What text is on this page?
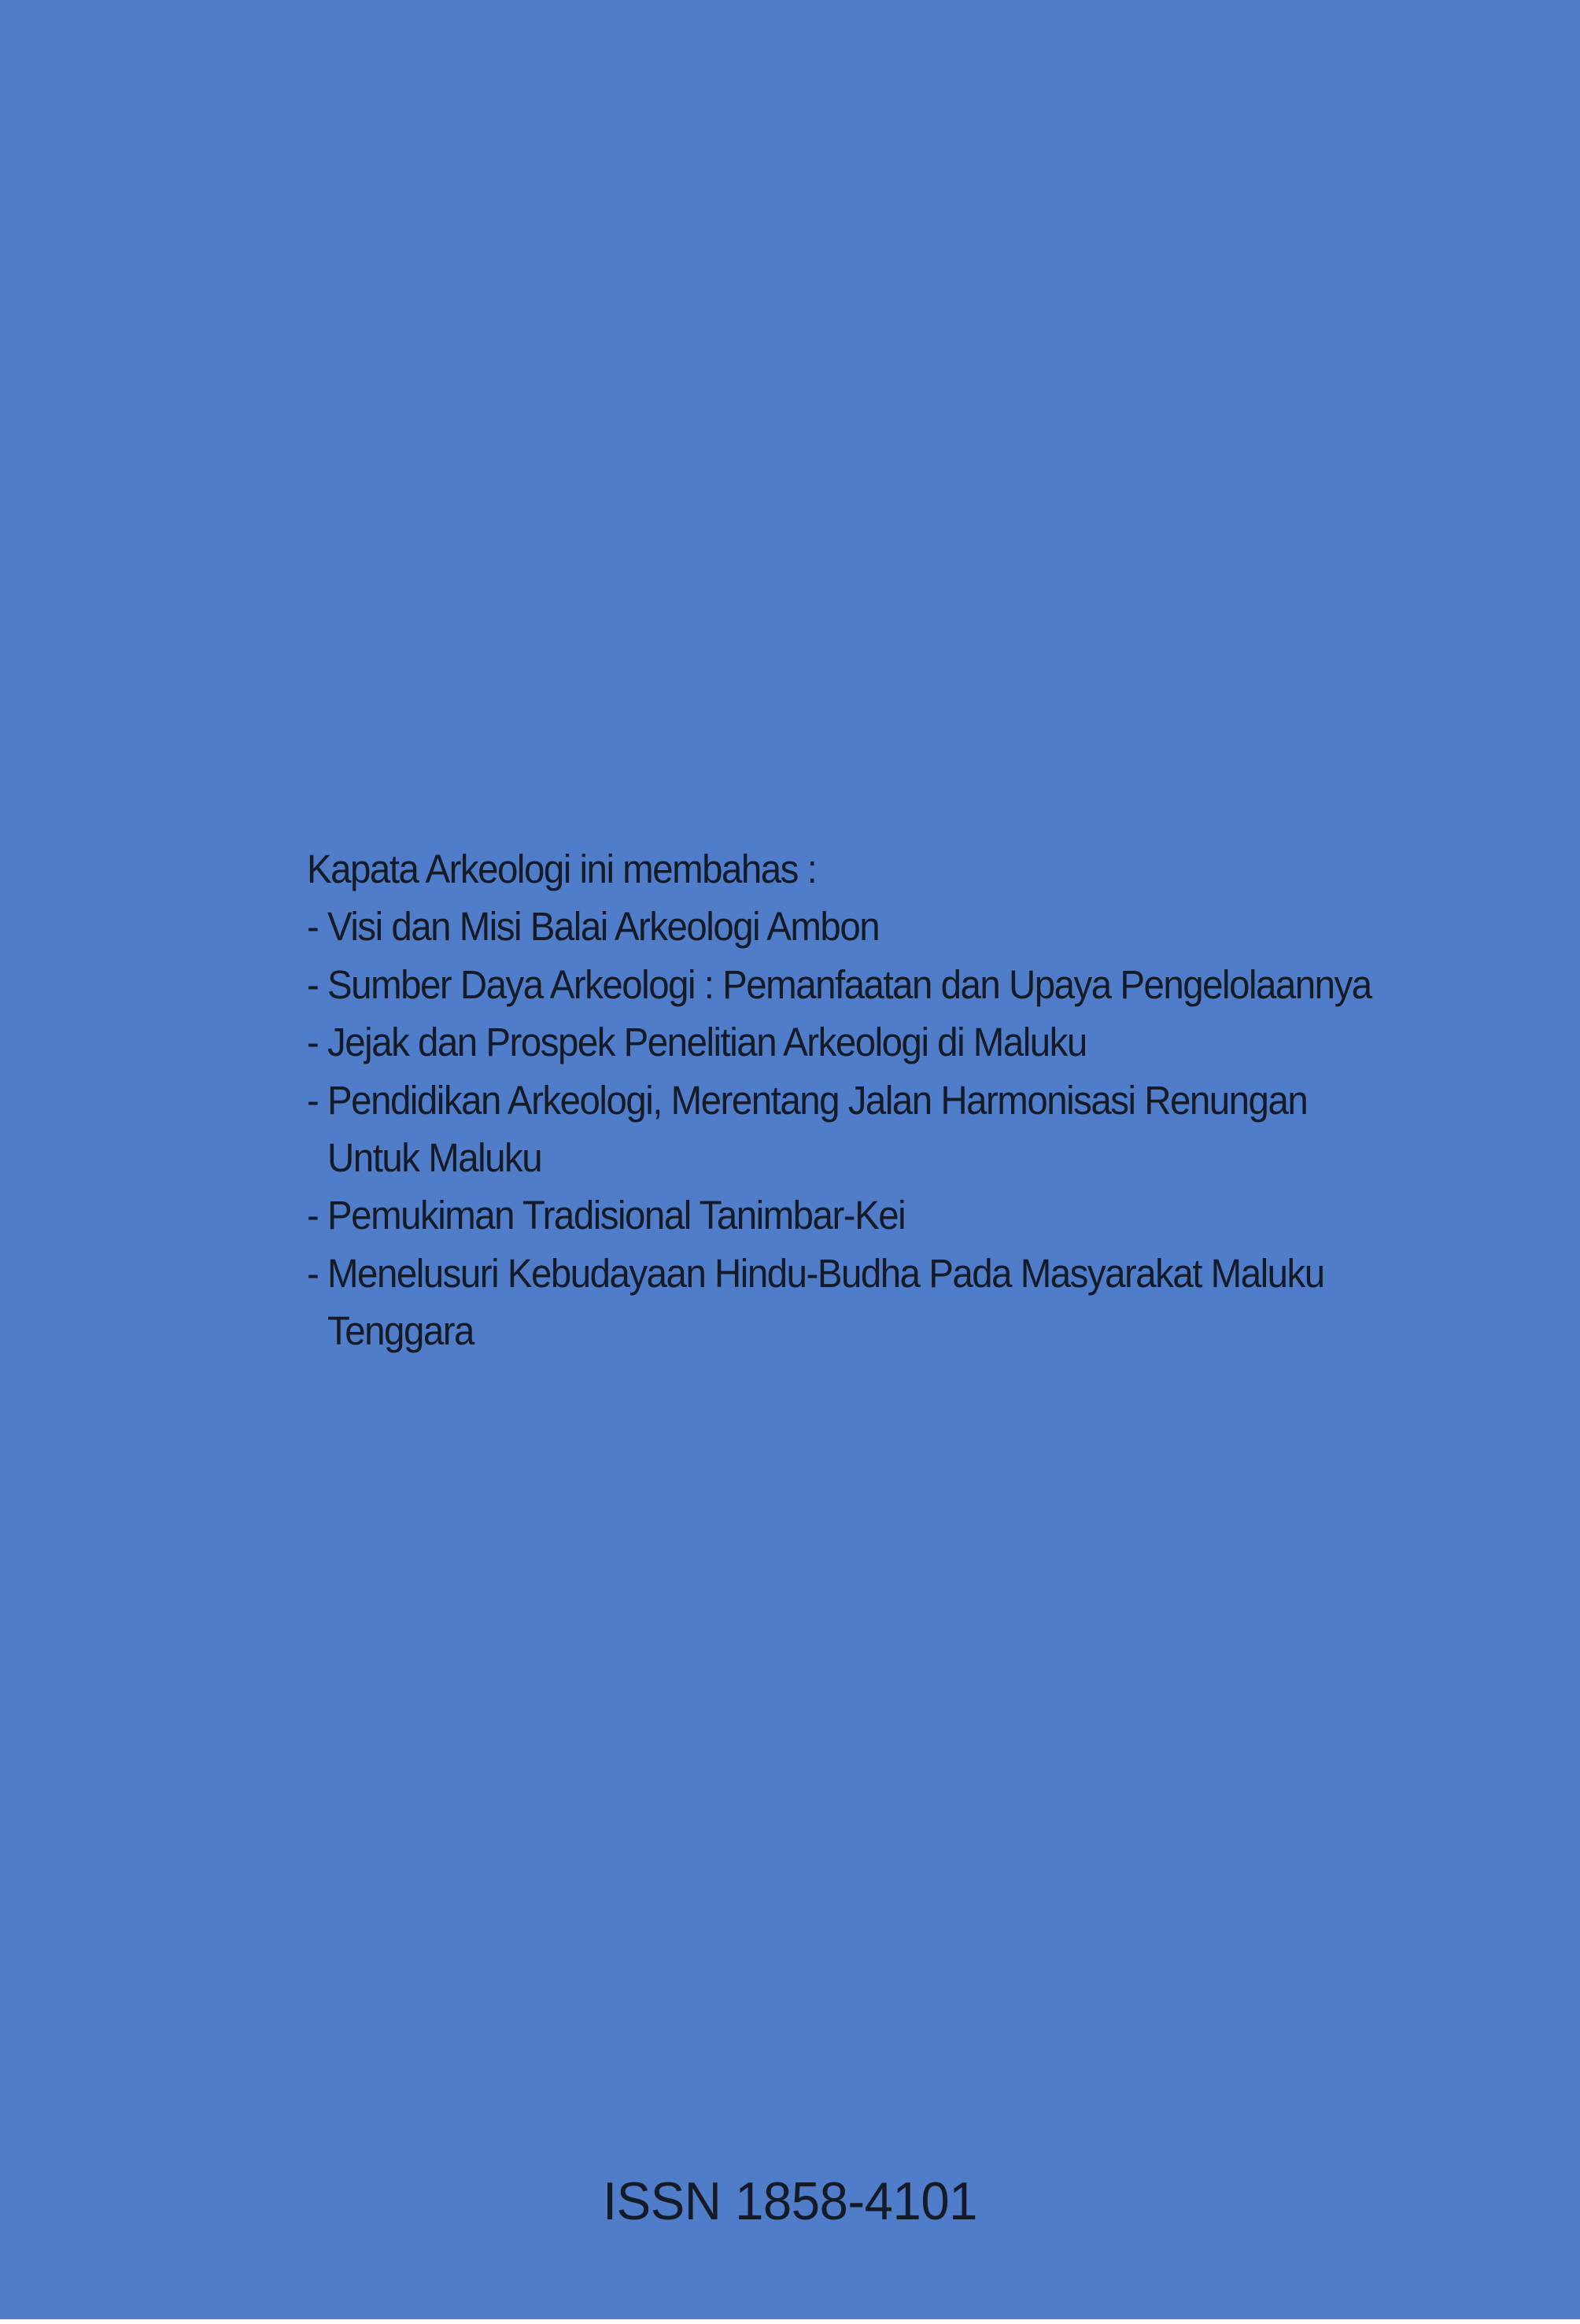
Kapata Arkeologi ini membahas :
- Visi dan Misi Balai Arkeologi Ambon
- Sumber Daya Arkeologi : Pemanfaatan dan Upaya Pengelolaannya
- Jejak dan Prospek Penelitian Arkeologi di Maluku
- Pendidikan Arkeologi, Merentang Jalan Harmonisasi Renungan Untuk Maluku
- Pemukiman Tradisional Tanimbar-Kei
- Menelusuri Kebudayaan Hindu-Budha Pada Masyarakat Maluku Tenggara
ISSN 1858-4101
